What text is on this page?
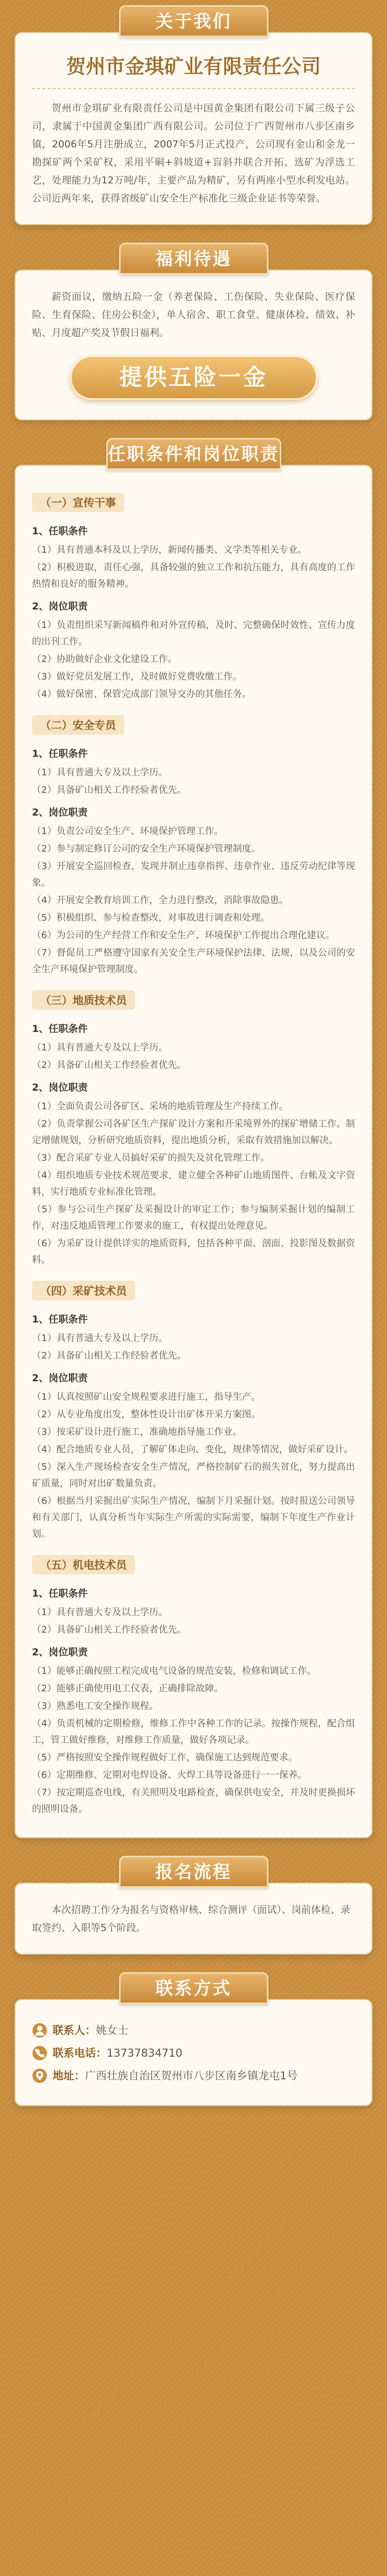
关于我们
贺州市金琪矿业有限责任公司

贺州市金琪矿业有限责任公司是中国黄金集团有限公司下属三级子公司，隶属于中国黄金集团广西有限公司。公司位于广西贺州市八步区南乡镇，2006年5月注册成立，2007年5月正式投产，公司现有金山和金龙一勘探矿两个采矿权，采用平硐+斜坡道+盲斜井联合开拓、选矿为浮选工艺，处理能力为12万吨/年，主要产品为精矿，另有两座小型水利发电站。公司近两年来，获得省级矿山安全生产标准化三级企业证书等荣誉。

福利待遇

薪资面议，缴纳五险一金（养老保险、工伤保险、失业保险、医疗保险、生育保险、住房公积金），单人宿舍、职工食堂、健康体检、绩效、补贴、月度超产奖及节假日福利。

提供五险一金
任职条件和岗位职责
（一）宣传干事
1、任职条件

（1）具有普通本科及以上学历，新闻传播类、文学类等相关专业。

（2）积极进取，责任心强，具备较强的独立工作和抗压能力，具有高度的工作热情和良好的服务精神。

2、岗位职责

（1）负责组织采写新闻稿件和对外宣传稿，及时、完整确保时效性、宣传力度的出刊工作。

（2）协助做好企业文化建设工作。

（3）做好党员发展工作，及时做好党费收缴工作。

（4）做好保密、保管完成部门领导交办的其他任务。

（二）安全专员
1、任职条件

（1）具有普通大专及以上学历。

（2）具备矿山相关工作经验者优先。

2、岗位职责

（1）负责公司安全生产、环境保护管理工作。

（2）参与制定修订公司的安全生产环境保护管理制度。

（3）开展安全巡回检查，发现并制止违章指挥、违章作业、违反劳动纪律等现象。

（4）开展安全教育培训工作，全力进行整改，消除事故隐患。

（5）积极组织、参与检查整改，对事故进行调查和处理。

（6）为公司的生产经营工作和安全生产、环境保护工作提出合理化建议。

（7）督促员工严格遵守国家有关安全生产环境保护法律、法规，以及公司的安全生产环境保护管理制度。

（三）地质技术员
1、任职条件

（1）具有普通大专及以上学历。

（2）具备矿山相关工作经验者优先。

2、岗位职责

（1）全面负责公司各矿区、采场的地质管理及生产持续工作。

（2）负责掌握公司各矿区生产探矿设计方案和开采境界外的探矿增储工作。制定增储规划，分析研究地质资料，提出地质分析，采取有效措施加以解决。

（3）配合采矿专业人员搞好采矿的损失及贫化管理工作。

（4）组织地质专业技术规范要求，建立健全各种矿山地质图件、台帐及文字资料，实行地质专业标准化管理。

（5）参与公司生产探矿及采掘设计的审定工作；参与编制采掘计划的编制工作，对违反地质管理工作要求的施工，有权提出处理意见。

（6）为采矿设计提供详实的地质资料，包括各种平面、剖面、投影图及数据资料。

（四）采矿技术员
1、任职条件

（1）具有普通大专及以上学历。

（2）具备矿山相关工作经验者优先。

2、岗位职责

（1）认真按照矿山安全规程要求进行施工，指导生产。

（2）从专业角度出发，整体性设计出矿体开采方案图。

（3）按采矿设计进行施工，准确地指导施工作业。

（4）配合地质专业人员，了解矿体走向、变化，规律等情况，做好采矿设计。

（5）深入生产现场检查安全生产情况，严格控制矿石的损失贫化，努力提高出矿质量，同时对出矿数量负责。

（6）根据当月采掘出矿实际生产情况，编制下月采掘计划。按时报送公司领导和有关部门，认真分析当年实际生产所需的实际需要，编制下年度生产作业计划。

（五）机电技术员
1、任职条件

（1）具有普通大专及以上学历。

（2）具备矿山相关工作经验者优先。

2、岗位职责

（1）能够正确按照工程完成电气设备的规范安装，检修和调试工作。

（2）能够正确使用电工仪表，正确排除故障。

（3）熟悉电工安全操作规程。

（4）负责机械的定期检修，维修工作中各种工作的记录。按操作规程，配合组工，管工做好维修，对维修工作质量，做好各项记录。

（5）严格按照安全操作规程做好工作，确保施工达到规范要求。

（6）定期维修、定期对电焊设备、火焊工具等设备进行一一保养。

（7）按定期巡查电线，有关照明及电路检查，确保供电安全，并及时更换损坏的照明设备。

报名流程

本次招聘工作分为报名与资格审核、综合测评（面试）、岗前体检、录取签约、入职等5个阶段。

联系方式
联系人： 姚女士
联系电话： 13737834710
地址： 广西壮族自治区贺州市八步区南乡镇龙屯1号
